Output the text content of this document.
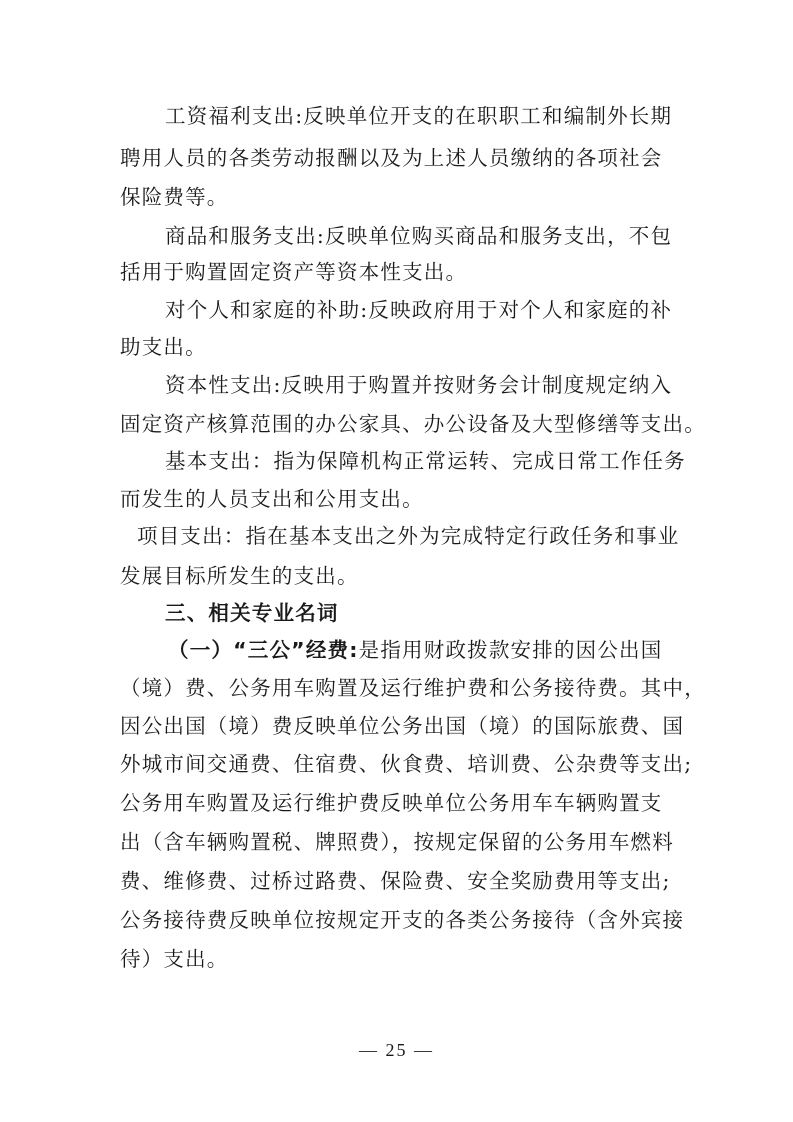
工资福利支出:反映单位开支的在职职工和编制外长期
聘用人员的各类劳动报酬以及为上述人员缴纳的各项社会
保险费等。
商品和服务支出:反映单位购买商品和服务支出，不包
括用于购置固定资产等资本性支出。
对个人和家庭的补助:反映政府用于对个人和家庭的补
助支出。
资本性支出:反映用于购置并按财务会计制度规定纳入
固定资产核算范围的办公家具、办公设备及大型修缮等支出。
基本支出：指为保障机构正常运转、完成日常工作任务
而发生的人员支出和公用支出。
项目支出：指在基本支出之外为完成特定行政任务和事业
发展目标所发生的支出。
三、相关专业名词
（一）“三公”经费:是指用财政拨款安排的因公出国
（境）费、公务用车购置及运行维护费和公务接待费。其中，
因公出国（境）费反映单位公务出国（境）的国际旅费、国
外城市间交通费、住宿费、伙食费、培训费、公杂费等支出;
公务用车购置及运行维护费反映单位公务用车车辆购置支
出（含车辆购置税、牌照费），按规定保留的公务用车燃料
费、维修费、过桥过路费、保险费、安全奖励费用等支出;
公务接待费反映单位按规定开支的各类公务接待（含外宾接
待）支出。
— 25 —
